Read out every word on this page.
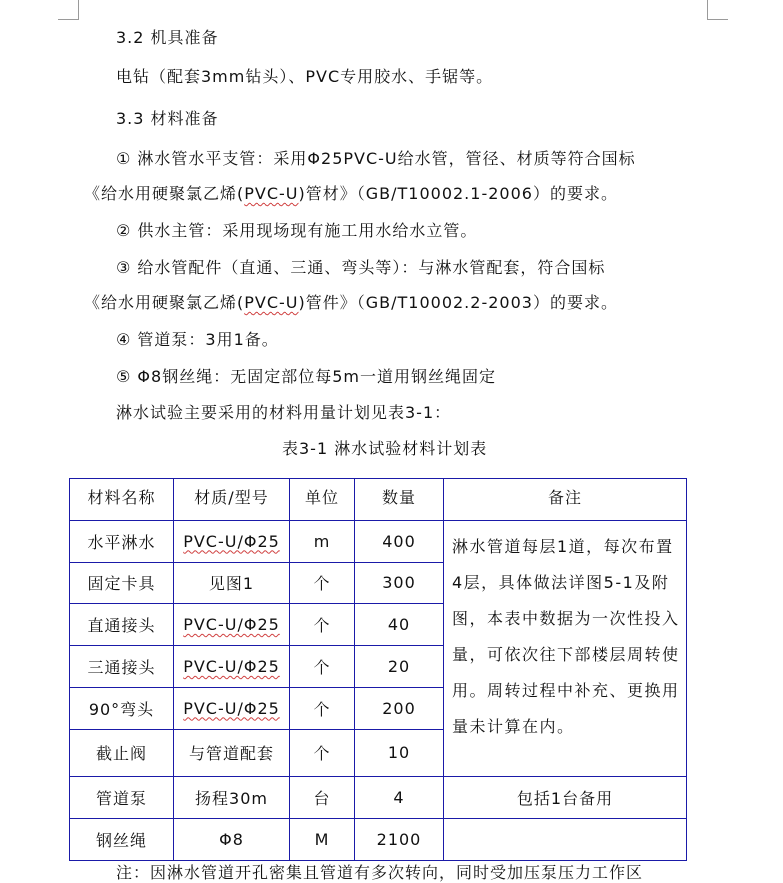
3.2 机具准备
电钻（配套3mm钻头）、PVC专用胶水、手锯等。
3.3 材料准备
① 淋水管水平支管：采用Φ25PVC-U给水管，管径、材质等符合国标
《给水用硬聚氯乙烯(PVC-U)管材》（GB/T10002.1-2006）的要求。
② 供水主管：采用现场现有施工用水给水立管。
③ 给水管配件（直通、三通、弯头等）：与淋水管配套，符合国标
《给水用硬聚氯乙烯(PVC-U)管件》（GB/T10002.2-2003）的要求。
④ 管道泵：3用1备。
⑤ Φ8钢丝绳：无固定部位每5m一道用钢丝绳固定
淋水试验主要采用的材料用量计划见表3-1：
表3-1 淋水试验材料计划表
材料名称	材质/型号	单位	数量	备注
水平淋水	PVC-U/Φ25	m	400	淋水管道每层1道，每次布置4层，具体做法详图5-1及附图，本表中数据为一次性投入量，可依次往下部楼层周转使用。周转过程中补充、更换用量未计算在内。
固定卡具	见图1	个	300	
直通接头	PVC-U/Φ25	个	40	
三通接头	PVC-U/Φ25	个	20	
90°弯头	PVC-U/Φ25	个	200	
截止阀	与管道配套	个	10	
管道泵	扬程30m	台	4	包括1台备用
钢丝绳	Φ8	M	2100	
注：因淋水管道开孔密集且管道有多次转向，同时受加压泵压力工作区
